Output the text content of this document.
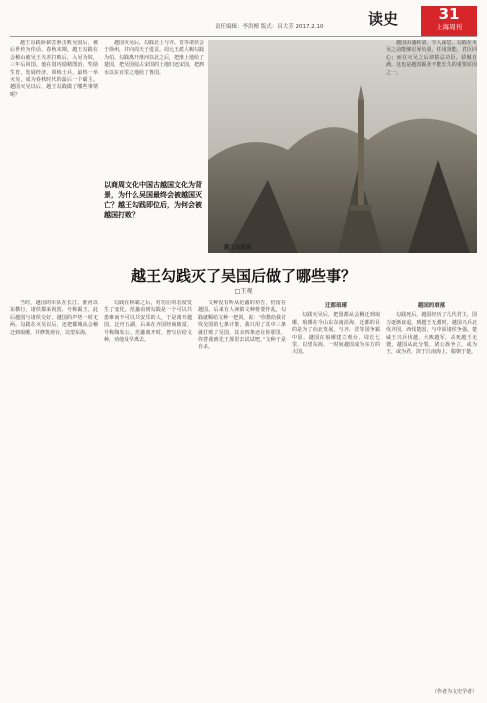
责任编辑：李洪檀 版式：昌大芳 2017.2.10	读史	31
上海周刊

越王勾践卧薪尝胆击败吴国后，被后世传为佳话。春秋末期，越王勾践在会稽山被吴王夫差打败后，入吴为奴，三年后回国。他在国内励精图治，奖励生育，发展经济，训练士兵，最终一举灭吴，成为春秋时代的最后一个霸主。越国灭吴以后，越王勾践做了哪些事情呢？

越国灭吴后，勾践北上与齐、晋等诸侯会于徐州，并向周天子进贡。周元王派人赐勾践为伯。勾践离开淮河以北之后，把淮上地给了楚国，把吴国侵占宋国的土地归还宋国，把泗水以东百里之地给了鲁国。

以商周文化中国古越国文化为背景，为什么吴国最终会被越国灭亡？越王勾践即位后，为何会被越国打败？
越王勾践剑

越国由盛转衰，令人深思。勾践在灭吴之前能够忍辱负重，任用贤能，君臣同心；而在灭吴之后却猜忌功臣，骄傲自满。这也是越国霸业不能长久的重要原因之一。

越王勾践灭了吴国后做了哪些事？
□王观

当时，越国的军队在长江、淮河以东横行，诸侯都来祝贺，号称霸王。此后越国与诸侯交好，越国的声势一时无两。勾践在灭吴以后，还把都城从会稽迁到琅琊，并修筑观台，以望东海。

勾践在称霸之后，对功臣的态度发生了变化。范蠡看到勾践是一个可以共患难而不可以共安乐的人，于是离开越国，泛舟五湖，后来在齐国经商致富，号称陶朱公。范蠡离开时，曾写信给文种，劝他及早离去。

文种没有听从范蠡的劝告，仍留在越国。后来有人诬陷文种将要作乱，勾践就赐给文种一把剑，说：“你教给我讨伐吴国的七条计策，我只用了其中三条就打败了吴国，其余四条还在你那里，你替我到先王那里去试试吧。”文种于是自杀。

迁都琅琊

勾践灭吴后，把国都从会稽迁到琅琊。琅琊在今山东东南沿海，迁都的目的是为了向北发展，与齐、晋等国争霸中原。越国在琅琊建立观台，周长七里，以望东海，一时间越国成为东方的大国。

越国的衰落

勾践死后，越国经历了几代君主，国力逐渐衰退。到越王无彊时，越国兴兵北伐齐国，西伐楚国，与中原诸侯争强。楚威王兴兵伐越，大败越军，杀死越王无彊，越国从此分裂，诸公族争立，或为王，或为君，滨于江南海上，服朝于楚。

（作者为文史学者）
